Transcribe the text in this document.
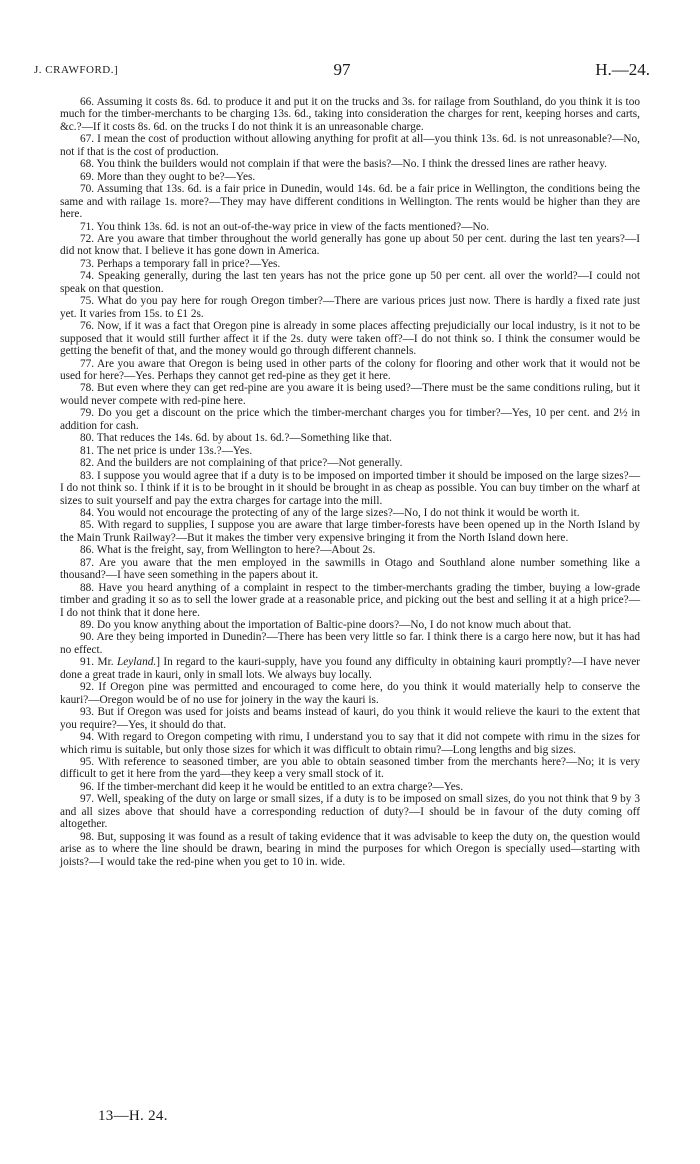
J. CRAWFORD.]	97	H.—24.

66. Assuming it costs 8s. 6d. to produce it and put it on the trucks and 3s. for railage from Southland, do you think it is too much for the timber-merchants to be charging 13s. 6d., taking into consideration the charges for rent, keeping horses and carts, &c.?—If it costs 8s. 6d. on the trucks I do not think it is an unreasonable charge.

67. I mean the cost of production without allowing anything for profit at all—you think 13s. 6d. is not unreasonable?—No, not if that is the cost of production.

68. You think the builders would not complain if that were the basis?—No. I think the dressed lines are rather heavy.

69. More than they ought to be?—Yes.

70. Assuming that 13s. 6d. is a fair price in Dunedin, would 14s. 6d. be a fair price in Wellington, the conditions being the same and with railage 1s. more?—They may have different conditions in Wellington. The rents would be higher than they are here.

71. You think 13s. 6d. is not an out-of-the-way price in view of the facts mentioned?—No.

72. Are you aware that timber throughout the world generally has gone up about 50 per cent. during the last ten years?—I did not know that. I believe it has gone down in America.

73. Perhaps a temporary fall in price?—Yes.

74. Speaking generally, during the last ten years has not the price gone up 50 per cent. all over the world?—I could not speak on that question.

75. What do you pay here for rough Oregon timber?—There are various prices just now. There is hardly a fixed rate just yet. It varies from 15s. to £1 2s.

76. Now, if it was a fact that Oregon pine is already in some places affecting prejudicially our local industry, is it not to be supposed that it would still further affect it if the 2s. duty were taken off?—I do not think so. I think the consumer would be getting the benefit of that, and the money would go through different channels.

77. Are you aware that Oregon is being used in other parts of the colony for flooring and other work that it would not be used for here?—Yes. Perhaps they cannot get red-pine as they get it here.

78. But even where they can get red-pine are you aware it is being used?—There must be the same conditions ruling, but it would never compete with red-pine here.

79. Do you get a discount on the price which the timber-merchant charges you for timber?—Yes, 10 per cent. and 2½ in addition for cash.

80. That reduces the 14s. 6d. by about 1s. 6d.?—Something like that.

81. The net price is under 13s.?—Yes.

82. And the builders are not complaining of that price?—Not generally.

83. I suppose you would agree that if a duty is to be imposed on imported timber it should be imposed on the large sizes?—I do not think so. I think if it is to be brought in it should be brought in as cheap as possible. You can buy timber on the wharf at sizes to suit yourself and pay the extra charges for cartage into the mill.

84. You would not encourage the protecting of any of the large sizes?—No, I do not think it would be worth it.

85. With regard to supplies, I suppose you are aware that large timber-forests have been opened up in the North Island by the Main Trunk Railway?—But it makes the timber very expensive bringing it from the North Island down here.

86. What is the freight, say, from Wellington to here?—About 2s.

87. Are you aware that the men employed in the sawmills in Otago and Southland alone number something like a thousand?—I have seen something in the papers about it.

88. Have you heard anything of a complaint in respect to the timber-merchants grading the timber, buying a low-grade timber and grading it so as to sell the lower grade at a reasonable price, and picking out the best and selling it at a high price?—I do not think that it done here.

89. Do you know anything about the importation of Baltic-pine doors?—No, I do not know much about that.

90. Are they being imported in Dunedin?—There has been very little so far. I think there is a cargo here now, but it has had no effect.

91. Mr. Leyland.] In regard to the kauri-supply, have you found any difficulty in obtaining kauri promptly?—I have never done a great trade in kauri, only in small lots. We always buy locally.

92. If Oregon pine was permitted and encouraged to come here, do you think it would materially help to conserve the kauri?—Oregon would be of no use for joinery in the way the kauri is.

93. But if Oregon was used for joists and beams instead of kauri, do you think it would relieve the kauri to the extent that you require?—Yes, it should do that.

94. With regard to Oregon competing with rimu, I understand you to say that it did not compete with rimu in the sizes for which rimu is suitable, but only those sizes for which it was difficult to obtain rimu?—Long lengths and big sizes.

95. With reference to seasoned timber, are you able to obtain seasoned timber from the merchants here?—No; it is very difficult to get it here from the yard—they keep a very small stock of it.

96. If the timber-merchant did keep it he would be entitled to an extra charge?—Yes.

97. Well, speaking of the duty on large or small sizes, if a duty is to be imposed on small sizes, do you not think that 9 by 3 and all sizes above that should have a corresponding reduction of duty?—I should be in favour of the duty coming off altogether.

98. But, supposing it was found as a result of taking evidence that it was advisable to keep the duty on, the question would arise as to where the line should be drawn, bearing in mind the purposes for which Oregon is specially used—starting with joists?—I would take the red-pine when you get to 10 in. wide.

13—H. 24.
